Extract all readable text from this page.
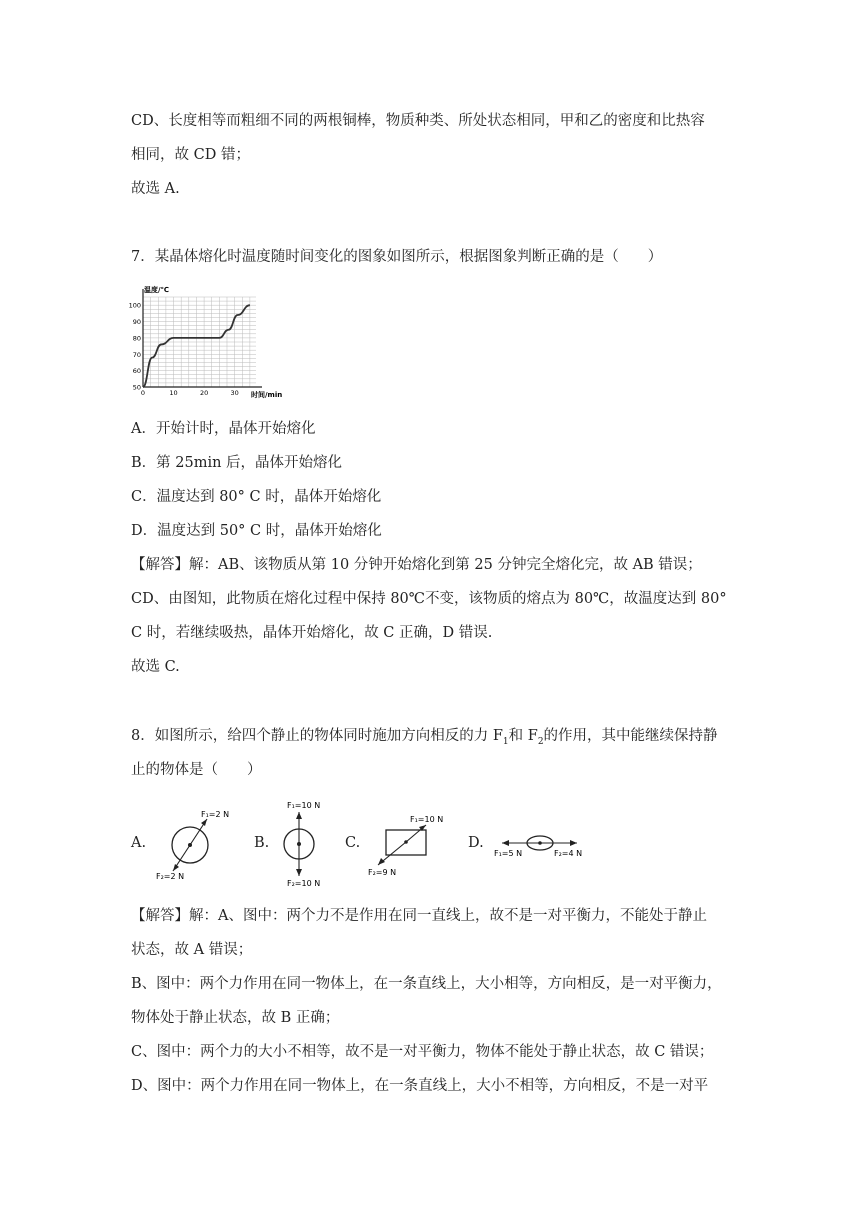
CD、长度相等而粗细不同的两根铜棒，物质种类、所处状态相同，甲和乙的密度和比热容
相同，故 CD 错；
故选 A.
7．某晶体熔化时温度随时间变化的图象如图所示，根据图象判断正确的是（　　）
温度/℃
时间/min
50
60
70
80
90
100
0	10	20	30
A．开始计时，晶体开始熔化
B．第 25min 后，晶体开始熔化
C．温度达到 80° C 时，晶体开始熔化
D．温度达到 50° C 时，晶体开始熔化
【解答】解：AB、该物质从第 10 分钟开始熔化到第 25 分钟完全熔化完，故 AB 错误；
CD、由图知，此物质在熔化过程中保持 80℃不变，该物质的熔点为 80℃，故温度达到 80°
C 时，若继续吸热，晶体开始熔化，故 C 正确，D 错误.
故选 C.
8．如图所示，给四个静止的物体同时施加方向相反的力 $F_1$和 $F_2$的作用，其中能继续保持静
止的物体是（　　）
A.
F₁=2 N
F₂=2 N
B.
F₁=10 N
F₂=10 N
C.
F₁=10 N
F₂=9 N
D.
F₁=5 N	F₂=4 N
【解答】解：A、图中：两个力不是作用在同一直线上，故不是一对平衡力，不能处于静止
状态，故 A 错误；
B、图中：两个力作用在同一物体上，在一条直线上，大小相等，方向相反，是一对平衡力，
物体处于静止状态，故 B 正确；
C、图中：两个力的大小不相等，故不是一对平衡力，物体不能处于静止状态，故 C 错误；
D、图中：两个力作用在同一物体上，在一条直线上，大小不相等，方向相反，不是一对平
